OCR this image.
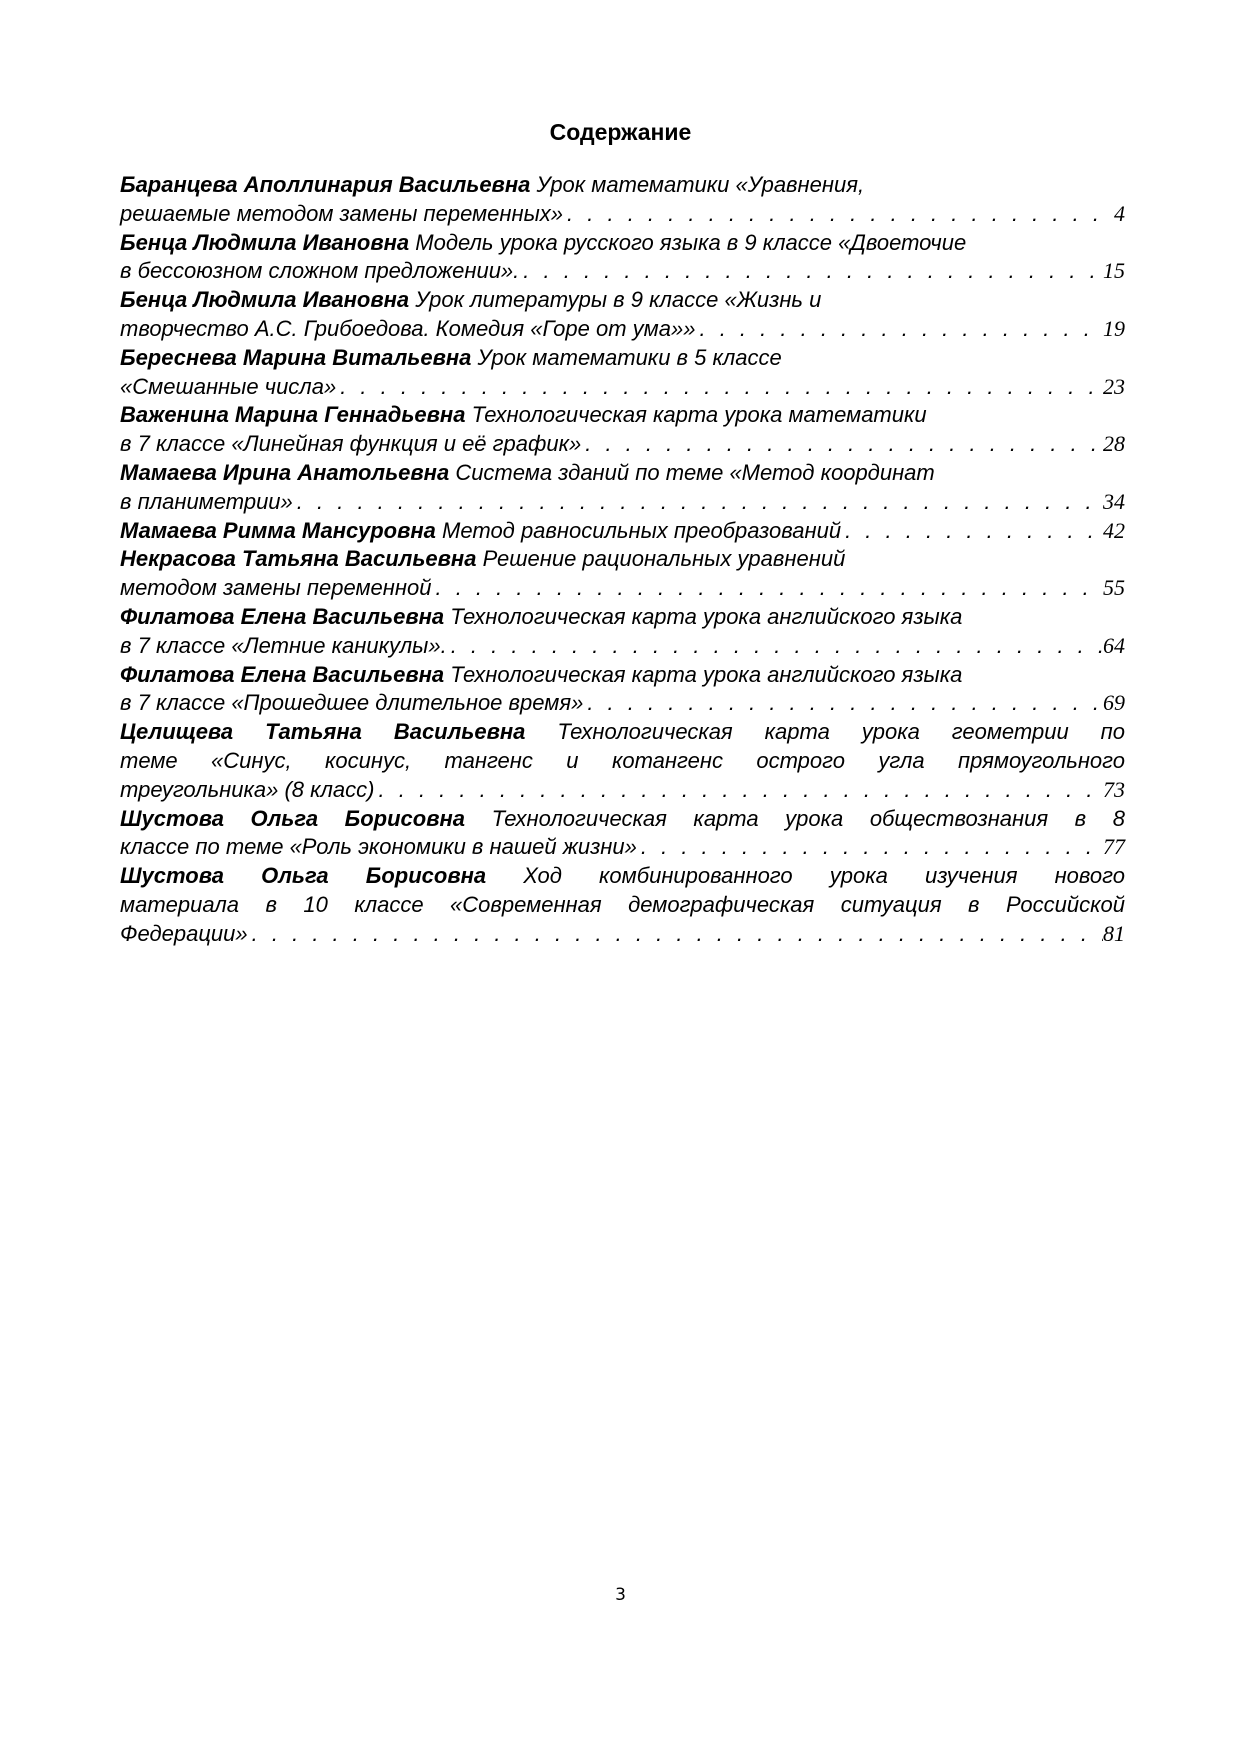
Содержание
Баранцева Аполлинария Васильевна
Урок математики «Уравнения,
решаемые методом замены переменных» . . .	4
Бенца Людмила Ивановна
Модель урока русского языка в 9 классе «Двоеточие
в бессоюзном сложном предложении». . . .	15
Бенца Людмила Ивановна
Урок литературы в 9 классе «Жизнь и
творчество А.С. Грибоедова. Комедия «Горе от ума»» . . .	19
Береснева Марина Витальевна
Урок математики в 5 классе
«Смешанные числа» . . .	23
Важенина Марина Геннадьевна
Технологическая карта урока математики
в 7 классе «Линейная функция и её график» . . .	28
Мамаева Ирина Анатольевна
Система зданий по теме «Метод координат
в планиметрии» . . .	34
Мамаева Римма Мансуровна
Метод равносильных преобразований . . .	42
Некрасова Татьяна Васильевна
Решение рациональных уравнений
методом замены переменной . . .	55
Филатова Елена Васильевна
Технологическая карта урока английского языка
в 7 классе «Летние каникулы». . . .	64
Филатова Елена Васильевна
Технологическая карта урока английского языка
в 7 классе «Прошедшее длительное время» . . .	69
Целищева Татьяна Васильевна Технологическая карта урока геометрии по
теме «Синус, косинус, тангенс и котангенс острого угла прямоугольного
треугольника» (8 класс) . . .	73
Шустова Ольга Борисовна Технологическая карта урока обществознания в 8
классе по теме «Роль экономики в нашей жизни» . . .	77
Шустова Ольга Борисовна Ход комбинированного урока изучения нового
материала в 10 классе «Современная демографическая ситуация в Российской
Федерации» . . .	81
3
